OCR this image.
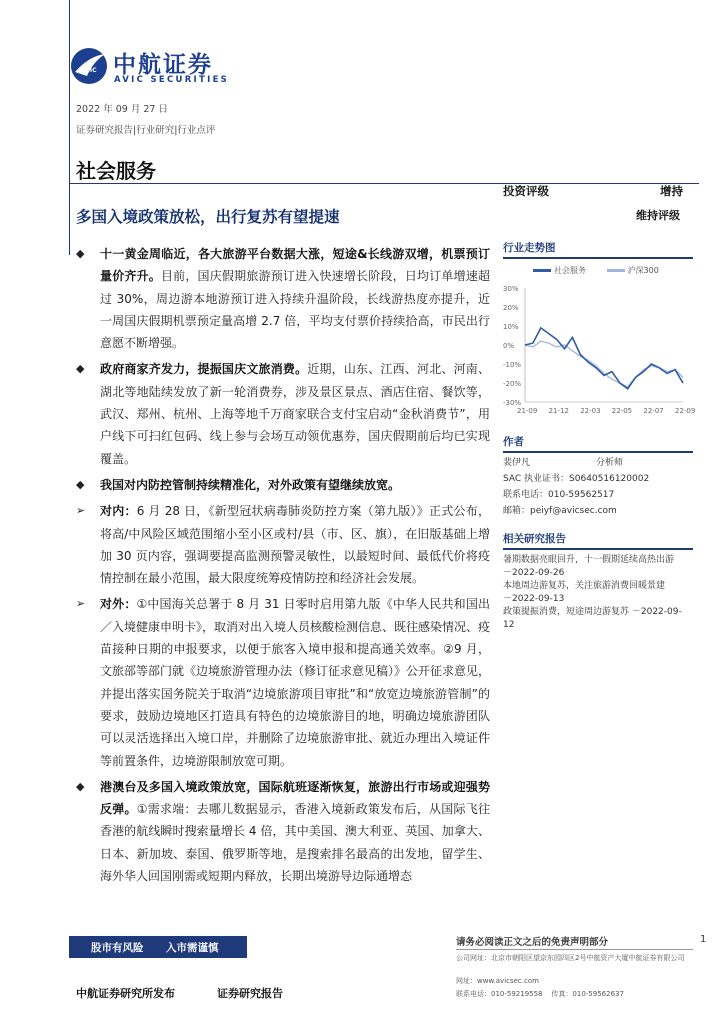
AVIC 中航证券
AVIC SECURITIES
2022 年 09 月 27 日
证券研究报告|行业研究|行业点评
社会服务
多国入境政策放松，出行复苏有望提速
投资评级	增持
维持评级
◆ 十一黄金周临近，各大旅游平台数据大涨，短途&长线游双增，机票预订量价齐升。目前，国庆假期旅游预订进入快速增长阶段，日均订单增速超过 30%，周边游本地游预订进入持续升温阶段，长线游热度亦提升，近一周国庆假期机票预定量高增 2.7 倍，平均支付票价持续拾高，市民出行意愿不断增强。
◆ 政府商家齐发力，提振国庆文旅消费。近期，山东、江西、河北、河南、湖北等地陆续发放了新一轮消费券，涉及景区景点、酒店住宿、餐饮等，武汉、郑州、杭州、上海等地千万商家联合支付宝启动“金秋消费节”，用户线下可扫红包码、线上参与会场互动领优惠券，国庆假期前后均已实现覆盖。
◆ 我国对内防控管制持续精准化，对外政策有望继续放宽。
➢ 对内：6 月 28 日，《新型冠状病毒肺炎防控方案（第九版）》正式公布，将高/中风险区域范围缩小至小区或村/县（市、区、旗），在旧版基础上增加 30 页内容，强调要提高监测预警灵敏性，以最短时间、最低代价将疫情控制在最小范围，最大限度统筹疫情防控和经济社会发展。
➢ 对外：①中国海关总署于 8 月 31 日零时启用第九版《中华人民共和国出／入境健康申明卡》，取消对出入境人员核酸检测信息、既往感染情况、疫苗接种日期的申报要求，以便于旅客入境申报和提高通关效率。②9 月，文旅部等部门就《边境旅游管理办法（修订征求意见稿）》公开征求意见，并提出落实国务院关于取消“边境旅游项目审批”和“放宽边境旅游管制”的要求，鼓励边境地区打造具有特色的边境旅游目的地，明确边境旅游团队可以灵活选择出入境口岸，并删除了边境旅游审批、就近办理出入境证件等前置条件，边境游限制放宽可期。
◆ 港澳台及多国入境政策放宽，国际航班逐渐恢复，旅游出行市场或迎强势反弹。①需求端：去哪儿数据显示，香港入境新政策发布后，从国际飞往香港的航线瞬时搜索量增长 4 倍，其中美国、澳大利亚、英国、加拿大、日本、新加坡、泰国、俄罗斯等地，是搜索排名最高的出发地，留学生、海外华人回国刚需或短期内释放，长期出境游导边际通增态
行业走势图
社会服务	沪深300
30%
20%
10%
0%
-10%
-20%
-30%
21-09 21-12 22-03 22-05 22-07 22-09
作者
裴伊凡	分析师
SAC 执业证书：S0640516120002
联系电话：010-59562517
邮箱：peiyf@avicsec.com
相关研究报告
暑期数据亮眼回升，十一假期延续高热出游
－2022-09-26
本地周边游复苏，关注旅游消费回暖景建
－2022-09-13
政策提振消费，短途周边游复苏 －2022-09-
12
股市有风险 入市需谨慎	请务必阅读正文之后的免责声明部分	1
公司网址：北京市朝阳区望京东园四区2号中航资产大厦中航证券有限公司
网址：www.avicsec.com
联系电话：010-59219558    传真：010-59562637
中航证券研究所发布	证券研究报告
